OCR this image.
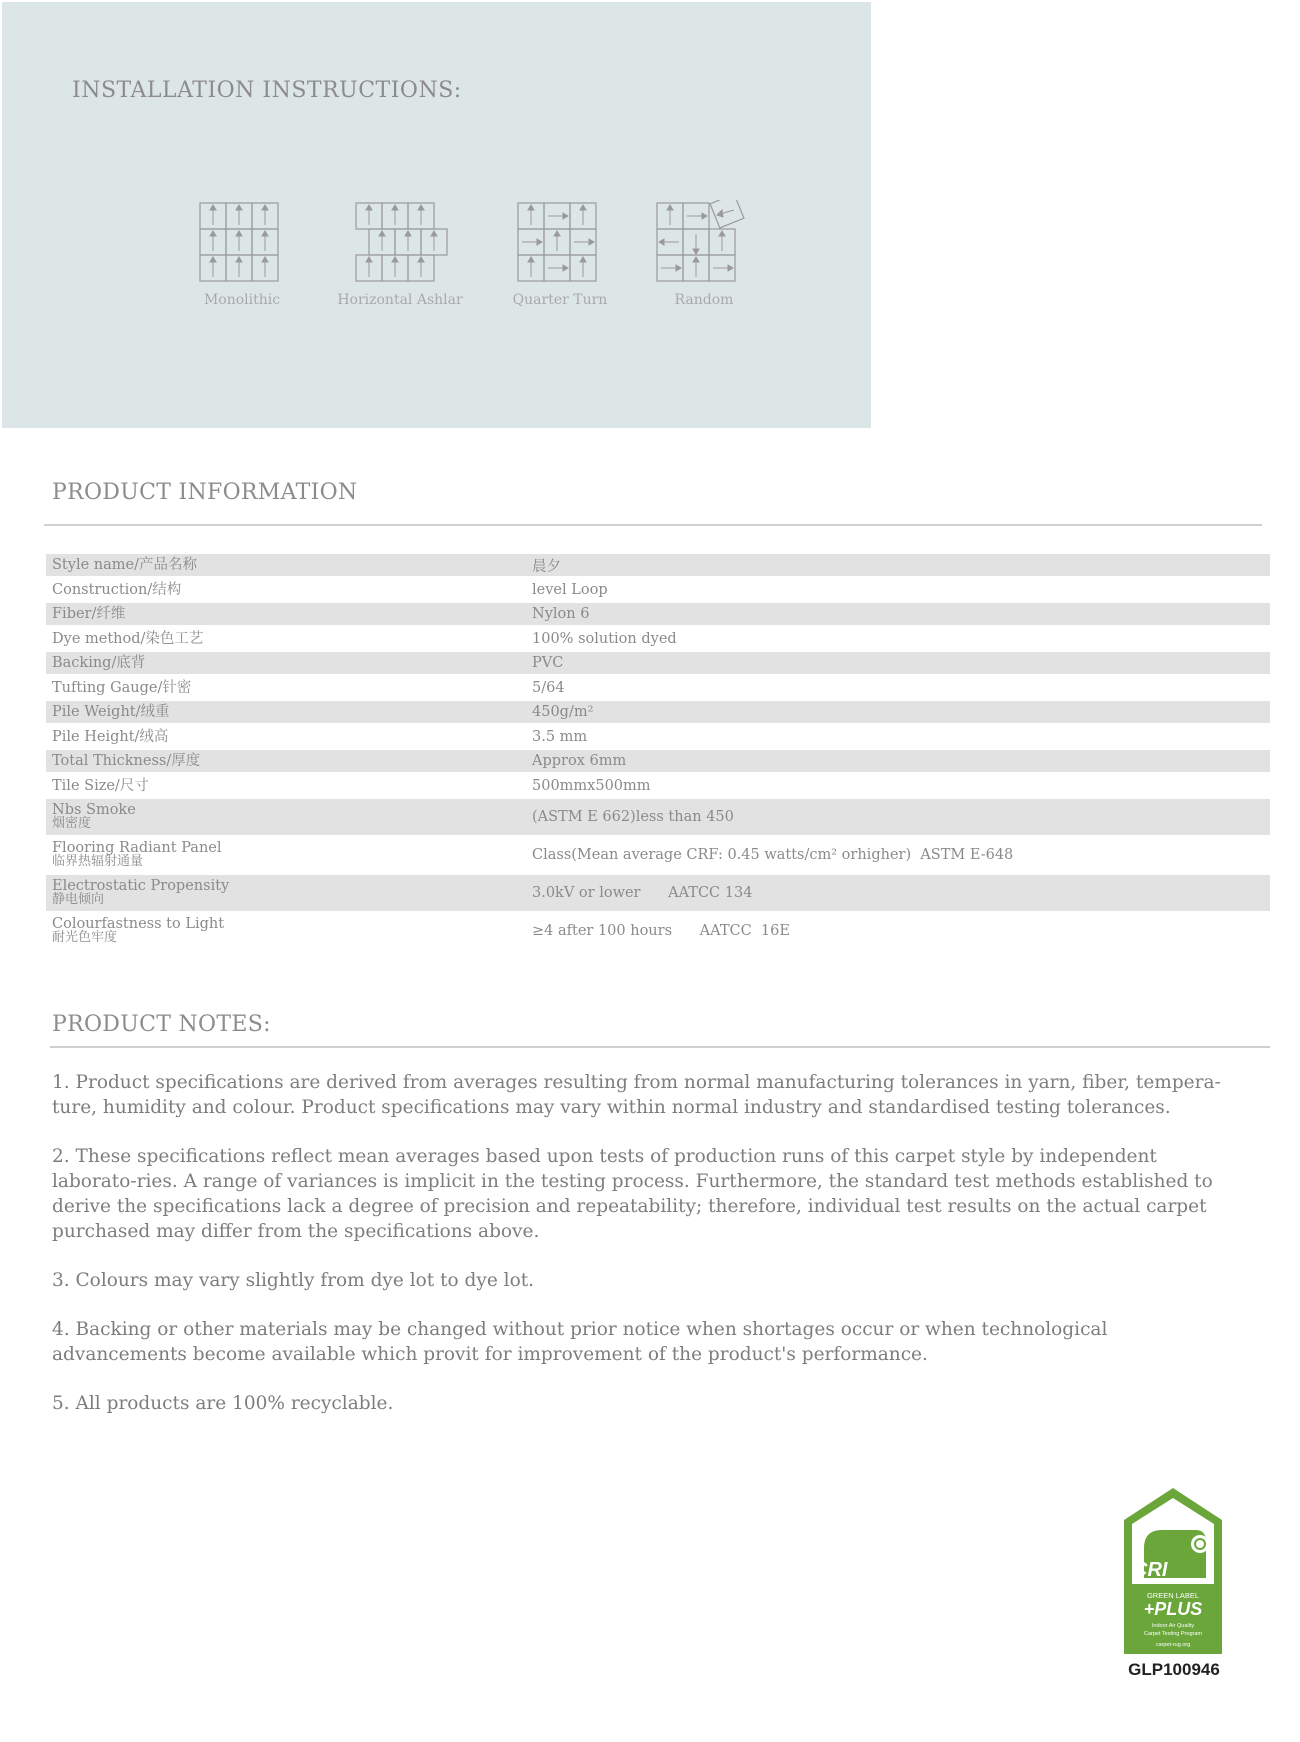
INSTALLATION INSTRUCTIONS:
Monolithic	Horizontal Ashlar	Quarter Turn	Random
PRODUCT INFORMATION
Style name/产品名称	晨夕
Construction/结构	level Loop
Fiber/纤维	Nylon 6
Dye method/染色工艺	100% solution dyed
Backing/底背	PVC
Tufting Gauge/针密	5/64
Pile Weight/绒重	450g/m²
Pile Height/绒高	3.5 mm
Total Thickness/厚度	Approx 6mm
Tile Size/尺寸	500mmx500mm
Nbs Smoke
烟密度	(ASTM E 662)less than 450
Flooring Radiant Panel
临界热辐射通量	Class(Mean average CRF: 0.45 watts/cm² orhigher)  ASTM E-648
Electrostatic Propensity
静电倾向	3.0kV or lower      AATCC 134
Colourfastness to Light
耐光色牢度	≥4 after 100 hours      AATCC  16E
PRODUCT NOTES:

1. Product specifications are derived from averages resulting from normal manufacturing tolerances in yarn, fiber, tempera-ture, humidity and colour. Product specifications may vary within normal industry and standardised testing tolerances.

2. These specifications reflect mean averages based upon tests of production runs of this carpet style by independent laborato-ries. A range of variances is implicit in the testing process. Furthermore, the standard test methods established to derive the specifications lack a degree of precision and repeatability; therefore, individual test results on the actual carpet purchased may differ from the specifications above.

3. Colours may vary slightly from dye lot to dye lot.

4. Backing or other materials may be changed without prior notice when shortages occur or when technological advancements become available which provit for improvement of the product's performance.

5. All products are 100% recyclable.

CRI
GREEN LABEL
+PLUS
Indoor Air Quality
Carpet Testing Program
carpet-rug.org
GLP100946
